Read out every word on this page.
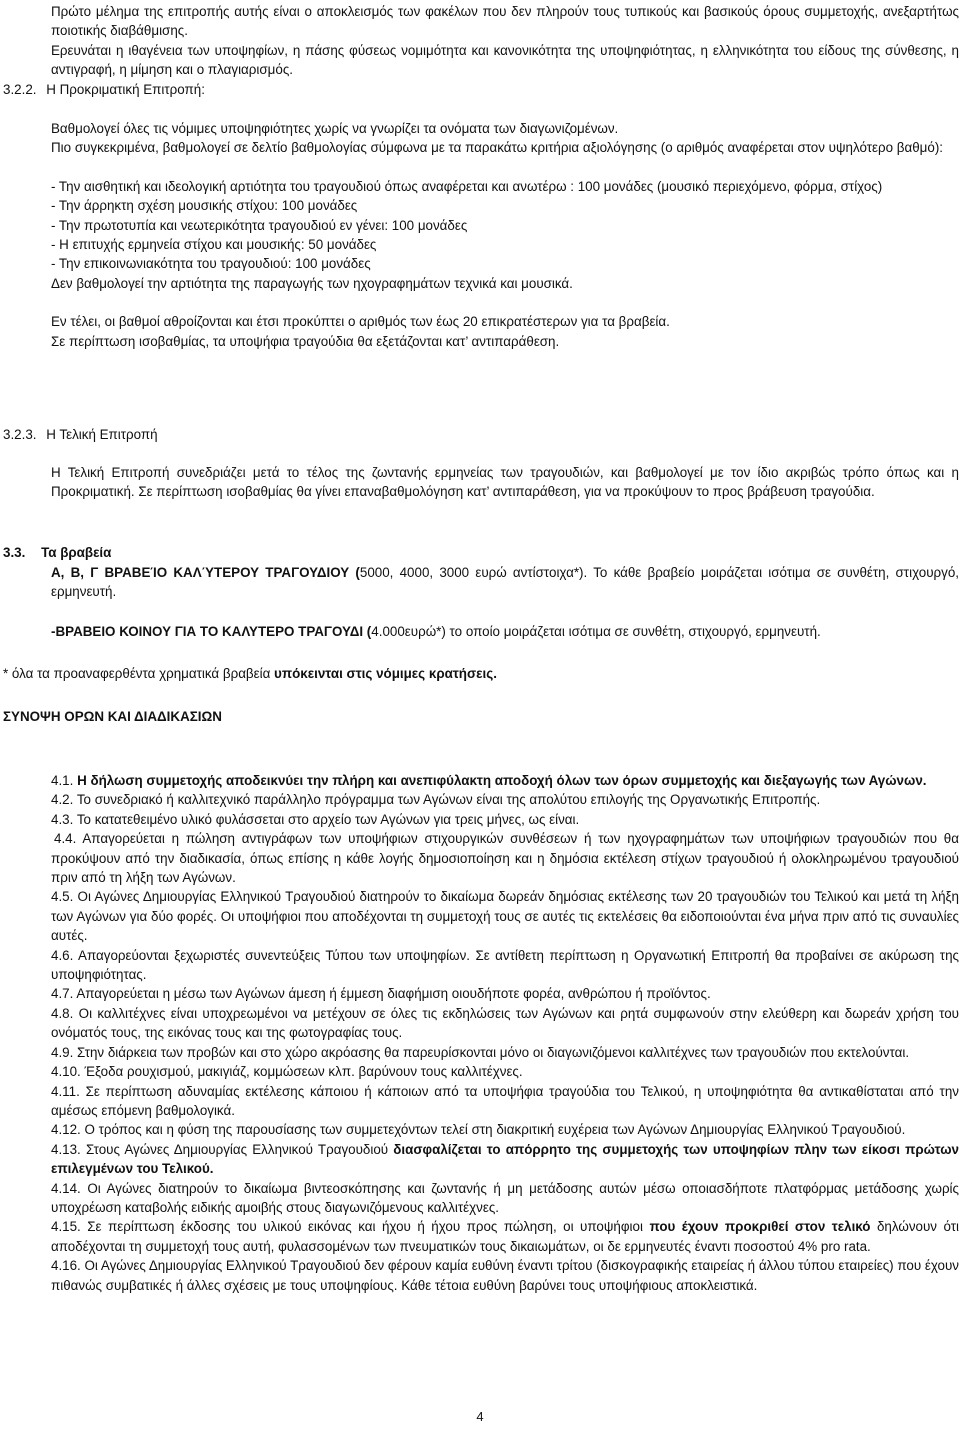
Πρώτο μέλημα της επιτροπής αυτής είναι ο αποκλεισμός των φακέλων που δεν πληρούν τους τυπικούς και βασικούς όρους συμμετοχής, ανεξαρτήτως ποιοτικής διαβάθμισης.

Ερευνάται η ιθαγένεια των υποψηφίων, η πάσης φύσεως νομιμότητα και κανονικότητα της υποψηφιότητας, η ελληνικότητα του είδους της σύνθεσης, η αντιγραφή, η μίμηση και ο πλαγιαρισμός.

3.2.2. Η Προκριματική Επιτροπή:

Βαθμολογεί όλες τις νόμιμες υποψηφιότητες χωρίς να γνωρίζει τα ονόματα των διαγωνιζομένων.

Πιο συγκεκριμένα, βαθμολογεί σε δελτίο βαθμολογίας σύμφωνα με τα παρακάτω κριτήρια αξιολόγησης (ο αριθμός αναφέρεται στον υψηλότερο βαθμό):

- Την αισθητική και ιδεολογική αρτιότητα του τραγουδιού όπως αναφέρεται και ανωτέρω : 100 μονάδες (μουσικό περιεχόμενο, φόρμα, στίχος)

- Την άρρηκτη σχέση μουσικής στίχου: 100 μονάδες

- Την πρωτοτυπία και νεωτερικότητα τραγουδιού εν γένει: 100 μονάδες

- Η επιτυχής ερμηνεία στίχου και μουσικής: 50 μονάδες

- Την επικοινωνιακότητα του τραγουδιού: 100 μονάδες

Δεν βαθμολογεί την αρτιότητα της παραγωγής των ηχογραφημάτων τεχνικά και μουσικά.

Εν τέλει, οι βαθμοί αθροίζονται και έτσι προκύπτει ο αριθμός των έως 20 επικρατέστερων για τα βραβεία.

Σε περίπτωση ισοβαθμίας, τα υποψήφια τραγούδια θα εξετάζονται κατ’ αντιπαράθεση.

3.2.3. Η Τελική Επιτροπή

Η Τελική Επιτροπή συνεδριάζει μετά το τέλος της ζωντανής ερμηνείας των τραγουδιών, και βαθμολογεί με τον ίδιο ακριβώς τρόπο όπως και η Προκριματική. Σε περίπτωση ισοβαθμίας θα γίνει επαναβαθμολόγηση κατ’ αντιπαράθεση, για να προκύψουν το προς βράβευση τραγούδια.

3.3. Τα βραβεία

Α, Β, Γ ΒΡΑΒΕΊΟ ΚΑΛΎΤΕΡΟΥ ΤΡΑΓΟΥΔΙΟΥ (5000, 4000, 3000 ευρώ αντίστοιχα*). Το κάθε βραβείο μοιράζεται ισότιμα σε συνθέτη, στιχουργό, ερμηνευτή.

-ΒΡΑΒΕΙΟ ΚΟΙΝΟΥ ΓΙΑ ΤΟ ΚΑΛΥΤΕΡΟ ΤΡΑΓΟΥΔΙ (4.000ευρώ*) το οποίο μοιράζεται ισότιμα σε συνθέτη, στιχουργό, ερμηνευτή.

* όλα τα προαναφερθέντα χρηματικά βραβεία υπόκεινται στις νόμιμες κρατήσεις.
ΣΥΝΟΨΗ ΟΡΩΝ ΚΑΙ ΔΙΑΔΙΚΑΣΙΩΝ

4.1. Η δήλωση συμμετοχής αποδεικνύει την πλήρη και ανεπιφύλακτη αποδοχή όλων των όρων συμμετοχής και διεξαγωγής των Αγώνων.

4.2. Το συνεδριακό ή καλλιτεχνικό παράλληλο πρόγραμμα των Αγώνων είναι της απολύτου επιλογής της Οργανωτικής Επιτροπής.

4.3. Το κατατεθειμένο υλικό φυλάσσεται στο αρχείο των Αγώνων για τρεις μήνες, ως είναι.

4.4. Απαγορεύεται η πώληση αντιγράφων των υποψήφιων στιχουργικών συνθέσεων ή των ηχογραφημάτων των υποψήφιων τραγουδιών που θα προκύψουν από την διαδικασία, όπως επίσης η κάθε λογής δημοσιοποίηση και η δημόσια εκτέλεση στίχων τραγουδιού ή ολοκληρωμένου τραγουδιού πριν από τη λήξη των Αγώνων.

4.5. Οι Αγώνες Δημιουργίας Ελληνικού Τραγουδιού διατηρούν το δικαίωμα δωρεάν δημόσιας εκτέλεσης των 20 τραγουδιών του Τελικού και μετά τη λήξη των Αγώνων για δύο φορές. Οι υποψήφιοι που αποδέχονται τη συμμετοχή τους σε αυτές τις εκτελέσεις θα ειδοποιούνται ένα μήνα πριν από τις συναυλίες αυτές.

4.6. Απαγορεύονται ξεχωριστές συνεντεύξεις Τύπου των υποψηφίων. Σε αντίθετη περίπτωση η Οργανωτική Επιτροπή θα προβαίνει σε ακύρωση της υποψηφιότητας.

4.7. Απαγορεύεται η μέσω των Αγώνων άμεση ή έμμεση διαφήμιση οιουδήποτε φορέα, ανθρώπου ή προϊόντος.

4.8. Οι καλλιτέχνες είναι υποχρεωμένοι να μετέχουν σε όλες τις εκδηλώσεις των Αγώνων και ρητά συμφωνούν στην ελεύθερη και δωρεάν χρήση του ονόματός τους, της εικόνας τους και της φωτογραφίας τους.

4.9. Στην διάρκεια των προβών και στο χώρο ακρόασης θα παρευρίσκονται μόνο οι διαγωνιζόμενοι καλλιτέχνες των τραγουδιών που εκτελούνται.

4.10. Έξοδα ρουχισμού, μακιγιάζ, κομμώσεων κλπ. βαρύνουν τους καλλιτέχνες.

4.11. Σε περίπτωση αδυναμίας εκτέλεσης κάποιου ή κάποιων από τα υποψήφια τραγούδια του Τελικού, η υποψηφιότητα θα αντικαθίσταται από την αμέσως επόμενη βαθμολογικά.

4.12. Ο τρόπος και η φύση της παρουσίασης των συμμετεχόντων τελεί στη διακριτική ευχέρεια των Αγώνων Δημιουργίας Ελληνικού Τραγουδιού.

4.13. Στους Αγώνες Δημιουργίας Ελληνικού Τραγουδιού διασφαλίζεται το απόρρητο της συμμετοχής των υποψηφίων πλην των είκοσι πρώτων επιλεγμένων του Τελικού.

4.14. Οι Αγώνες διατηρούν το δικαίωμα βιντεοσκόπησης και ζωντανής ή μη μετάδοσης αυτών μέσω οποιασδήποτε πλατφόρμας μετάδοσης χωρίς υποχρέωση καταβολής ειδικής αμοιβής στους διαγωνιζόμενους καλλιτέχνες.

4.15. Σε περίπτωση έκδοσης του υλικού εικόνας και ήχου ή ήχου προς πώληση, οι υποψήφιοι που έχουν προκριθεί στον τελικό δηλώνουν ότι αποδέχονται τη συμμετοχή τους αυτή, φυλασσομένων των πνευματικών τους δικαιωμάτων, οι δε ερμηνευτές έναντι ποσοστού 4% pro rata.

4.16. Οι Αγώνες Δημιουργίας Ελληνικού Τραγουδιού δεν φέρουν καμία ευθύνη έναντι τρίτου (δισκογραφικής εταιρείας ή άλλου τύπου εταιρείες) που έχουν πιθανώς συμβατικές ή άλλες σχέσεις με τους υποψηφίους. Κάθε τέτοια ευθύνη βαρύνει τους υποψήφιους αποκλειστικά.

4
